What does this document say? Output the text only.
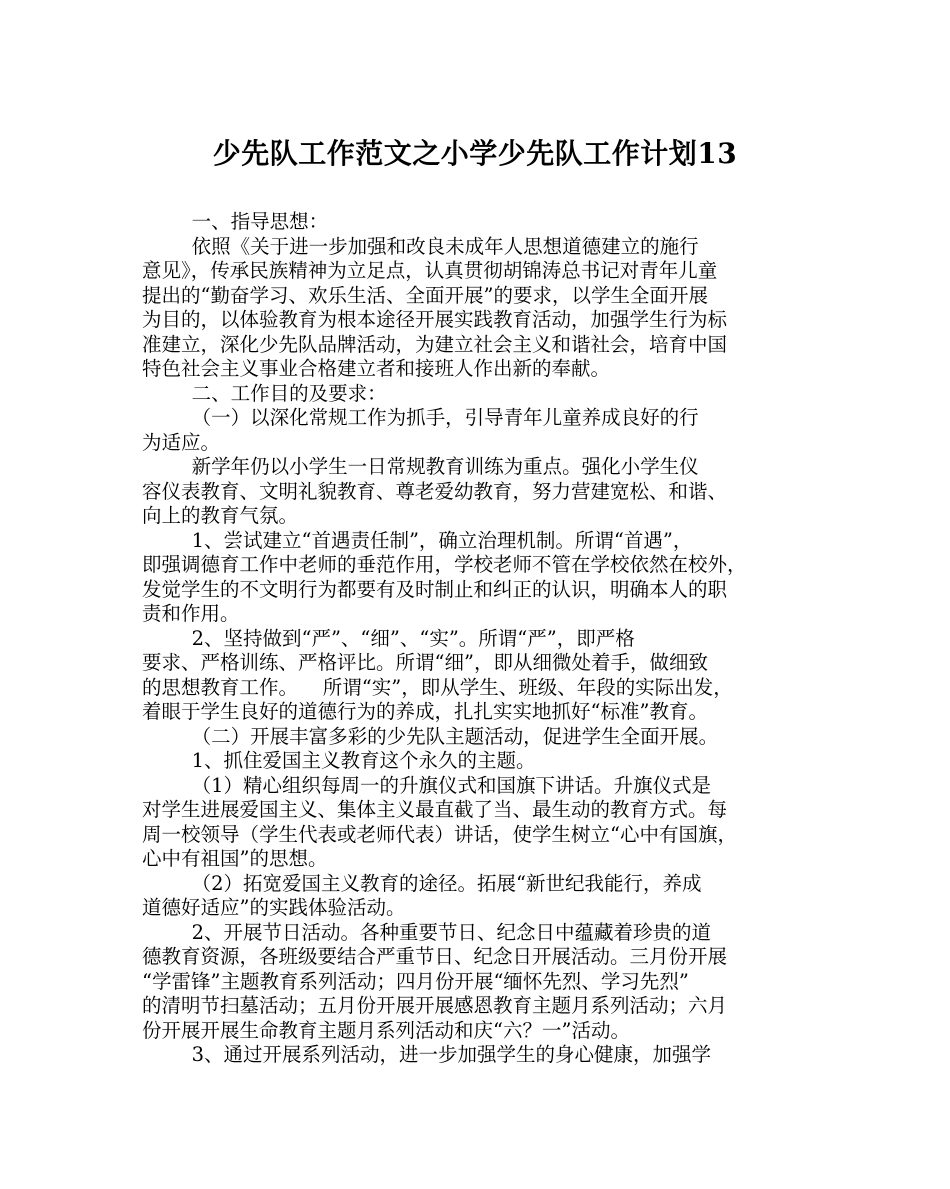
少先队工作范文之小学少先队工作计划13
一、指导思想：
依照《关于进一步加强和改良未成年人思想道德建立的施行
意见》，传承民族精神为立足点，认真贯彻胡锦涛总书记对青年儿童
提出的“勤奋学习、欢乐生活、全面开展”的要求，以学生全面开展
为目的，以体验教育为根本途径开展实践教育活动，加强学生行为标
准建立，深化少先队品牌活动，为建立社会主义和谐社会，培育中国
特色社会主义事业合格建立者和接班人作出新的奉献。
二、工作目的及要求：
（一）以深化常规工作为抓手，引导青年儿童养成良好的行
为适应。
新学年仍以小学生一日常规教育训练为重点。强化小学生仪
容仪表教育、文明礼貌教育、尊老爱幼教育，努力营建宽松、和谐、
向上的教育气氛。
1、尝试建立“首遇责任制”，确立治理机制。所谓“首遇”，
即强调德育工作中老师的垂范作用，学校老师不管在学校依然在校外，
发觉学生的不文明行为都要有及时制止和纠正的认识，明确本人的职
责和作用。
2、坚持做到“严”、“细”、“实”。所谓“严”，即严格
要求、严格训练、严格评比。所谓“细”，即从细微处着手，做细致
的思想教育工作。    所谓“实”，即从学生、班级、年段的实际出发，
着眼于学生良好的道德行为的养成，扎扎实实地抓好“标准”教育。
（二）开展丰富多彩的少先队主题活动，促进学生全面开展。
1、抓住爱国主义教育这个永久的主题。
（1）精心组织每周一的升旗仪式和国旗下讲话。升旗仪式是
对学生进展爱国主义、集体主义最直截了当、最生动的教育方式。每
周一校领导（学生代表或老师代表）讲话，使学生树立“心中有国旗，
心中有祖国”的思想。
（2）拓宽爱国主义教育的途径。拓展“新世纪我能行，养成
道德好适应”的实践体验活动。
2、开展节日活动。各种重要节日、纪念日中蕴藏着珍贵的道
德教育资源，各班级要结合严重节日、纪念日开展活动。三月份开展
“学雷锋”主题教育系列活动；四月份开展“缅怀先烈、学习先烈”
的清明节扫墓活动；五月份开展开展感恩教育主题月系列活动；六月
份开展开展生命教育主题月系列活动和庆“六？一”活动。
3、通过开展系列活动，进一步加强学生的身心健康，加强学
